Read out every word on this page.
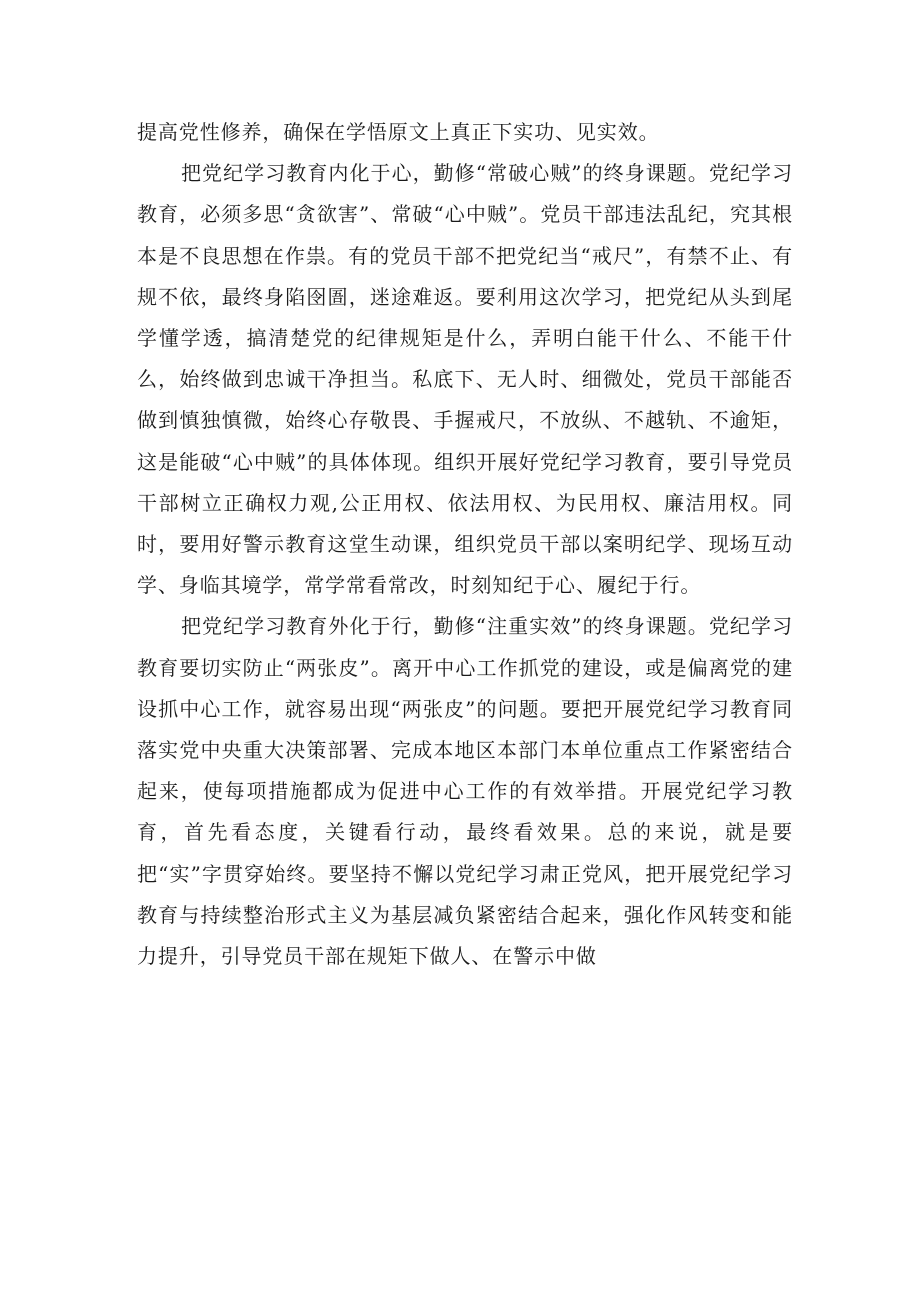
提高党性修养，确保在学悟原文上真正下实功、见实效。

把党纪学习教育内化于心，勤修“常破心贼”的终身课题。党纪学习教育，必须多思“贪欲害”、常破“心中贼”。党员干部违法乱纪，究其根本是不良思想在作祟。有的党员干部不把党纪当“戒尺”，有禁不止、有规不依，最终身陷囹圄，迷途难返。要利用这次学习，把党纪从头到尾学懂学透，搞清楚党的纪律规矩是什么，弄明白能干什么、不能干什么，始终做到忠诚干净担当。私底下、无人时、细微处，党员干部能否做到慎独慎微，始终心存敬畏、手握戒尺，不放纵、不越轨、不逾矩，这是能破“心中贼”的具体体现。组织开展好党纪学习教育，要引导党员干部树立正确权力观,公正用权、依法用权、为民用权、廉洁用权。同时，要用好警示教育这堂生动课，组织党员干部以案明纪学、现场互动学、身临其境学，常学常看常改，时刻知纪于心、履纪于行。

把党纪学习教育外化于行，勤修“注重实效”的终身课题。党纪学习教育要切实防止“两张皮”。离开中心工作抓党的建设，或是偏离党的建设抓中心工作，就容易出现“两张皮”的问题。要把开展党纪学习教育同落实党中央重大决策部署、完成本地区本部门本单位重点工作紧密结合起来，使每项措施都成为促进中心工作的有效举措。开展党纪学习教育，首先看态度，关键看行动，最终看效果。总的来说，就是要把“实”字贯穿始终。要坚持不懈以党纪学习肃正党风，把开展党纪学习教育与持续整治形式主义为基层减负紧密结合起来，强化作风转变和能力提升，引导党员干部在规矩下做人、在警示中做
